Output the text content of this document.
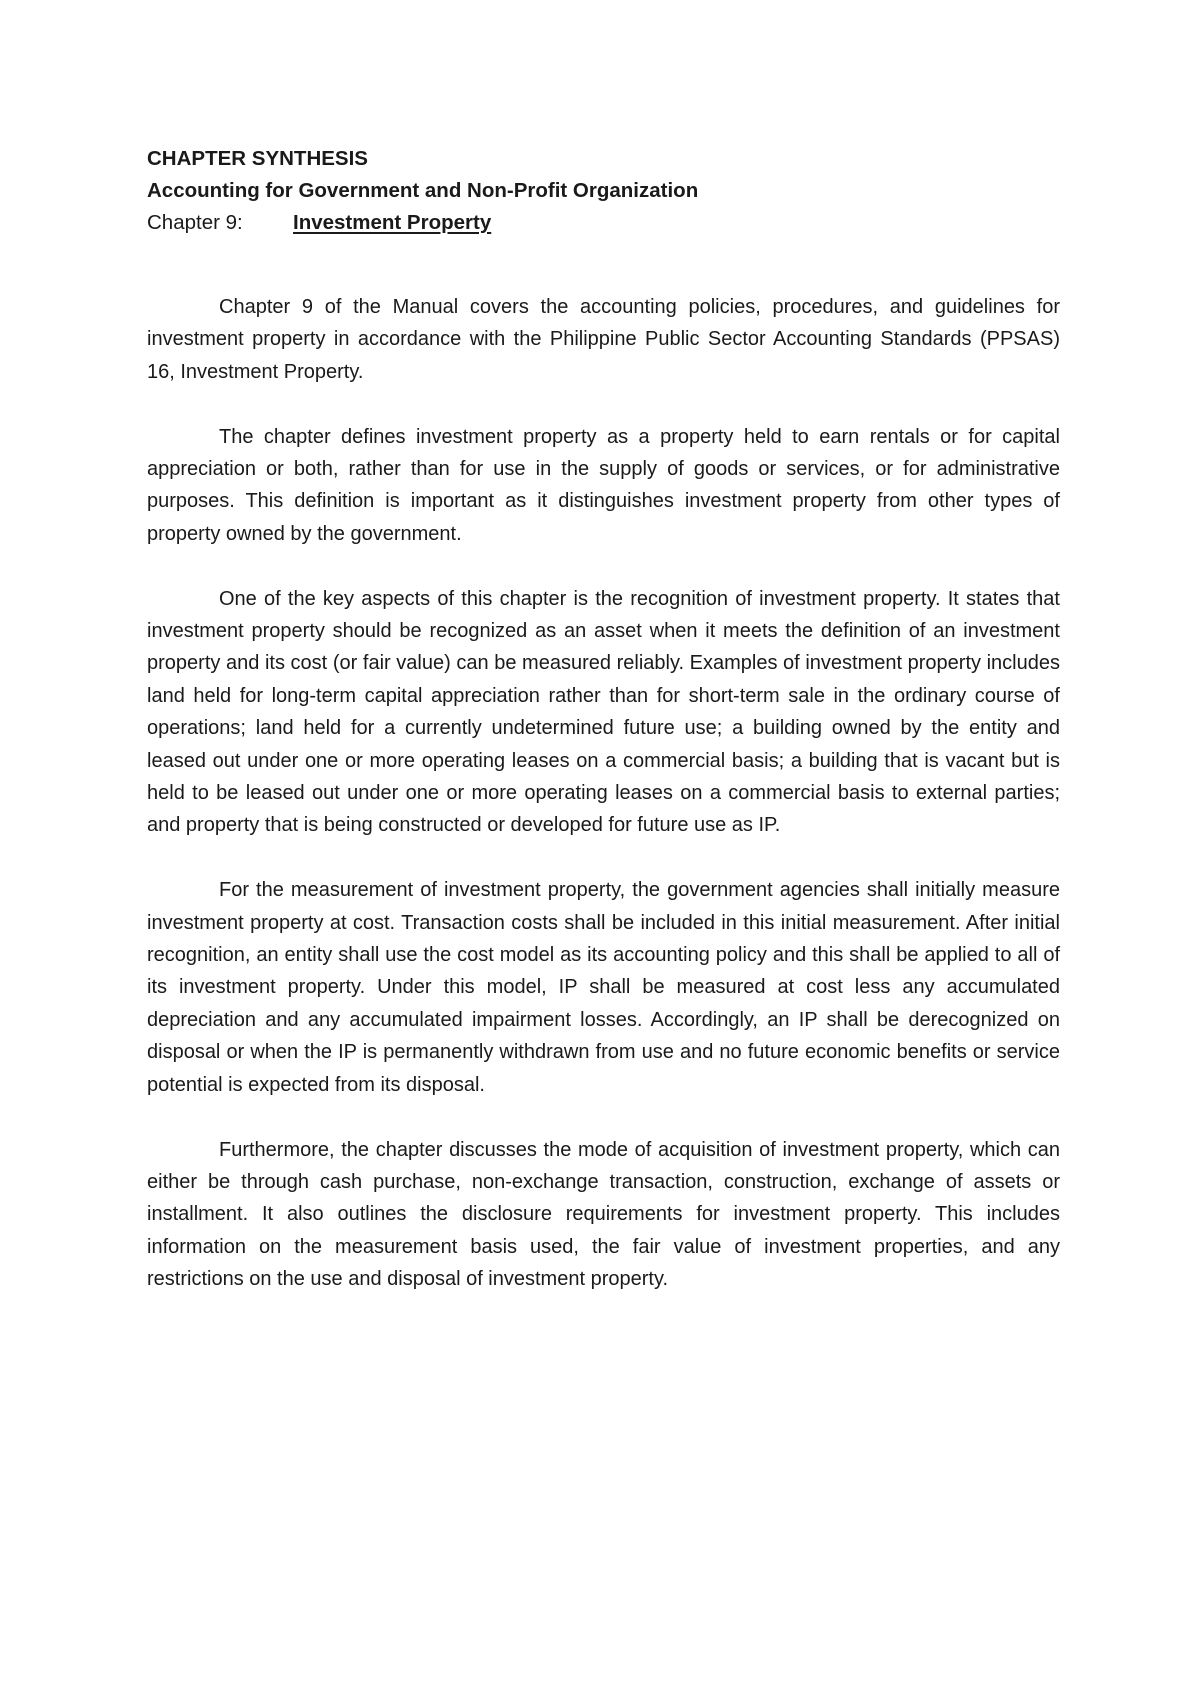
CHAPTER SYNTHESIS

Accounting for Government and Non-Profit Organization

Chapter 9: Investment Property

Chapter 9 of the Manual covers the accounting policies, procedures, and guidelines for investment property in accordance with the Philippine Public Sector Accounting Standards (PPSAS) 16, Investment Property.

The chapter defines investment property as a property held to earn rentals or for capital appreciation or both, rather than for use in the supply of goods or services, or for administrative purposes. This definition is important as it distinguishes investment property from other types of property owned by the government.

One of the key aspects of this chapter is the recognition of investment property. It states that investment property should be recognized as an asset when it meets the definition of an investment property and its cost (or fair value) can be measured reliably. Examples of investment property includes land held for long-term capital appreciation rather than for short-term sale in the ordinary course of operations; land held for a currently undetermined future use; a building owned by the entity and leased out under one or more operating leases on a commercial basis; a building that is vacant but is held to be leased out under one or more operating leases on a commercial basis to external parties; and property that is being constructed or developed for future use as IP.

For the measurement of investment property, the government agencies shall initially measure investment property at cost. Transaction costs shall be included in this initial measurement. After initial recognition, an entity shall use the cost model as its accounting policy and this shall be applied to all of its investment property. Under this model, IP shall be measured at cost less any accumulated depreciation and any accumulated impairment losses. Accordingly, an IP shall be derecognized on disposal or when the IP is permanently withdrawn from use and no future economic benefits or service potential is expected from its disposal.

Furthermore, the chapter discusses the mode of acquisition of investment property, which can either be through cash purchase, non-exchange transaction, construction, exchange of assets or installment. It also outlines the disclosure requirements for investment property. This includes information on the measurement basis used, the fair value of investment properties, and any restrictions on the use and disposal of investment property.
